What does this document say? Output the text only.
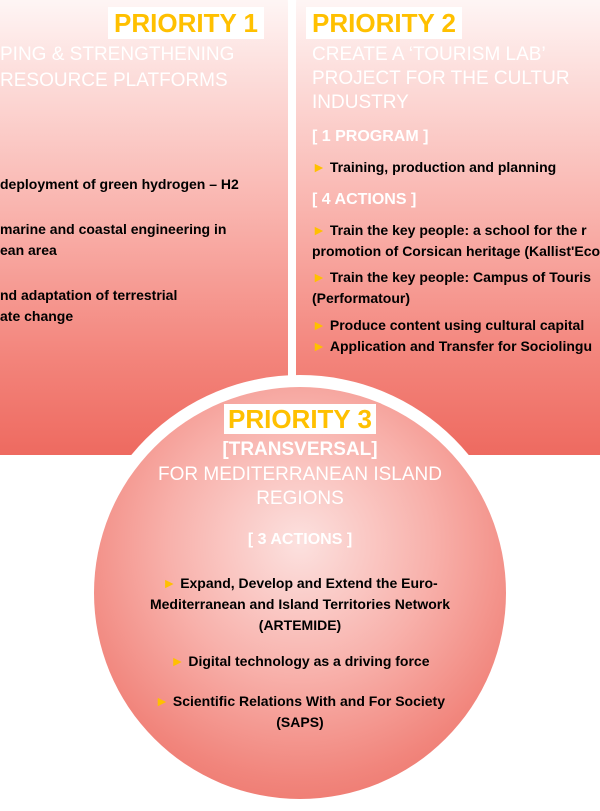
PRIORITY 1
PING & STRENGTHENING
RESOURCE PLATFORMS
deployment of green hydrogen – H2
marine and coastal engineering in
ean area
nd adaptation of terrestrial
ate change
PRIORITY 2
CREATE A ‘TOURISM LAB’
PROJECT FOR THE CULTUR
INDUSTRY
[ 1 PROGRAM ]
► Training, production and planning
[ 4 ACTIONS ]
► Train the key people: a school for the r
promotion of Corsican heritage (Kallist'Eco
► Train the key people: Campus of Touris
(Performatour)
► Produce content using cultural capital
► Application and Transfer for Sociolingu
PRIORITY 3
[TRANSVERSAL]
FOR MEDITERRANEAN ISLAND
REGIONS
[ 3 ACTIONS ]
► Expand, Develop and Extend the Euro-
Mediterranean and Island Territories Network
(ARTEMIDE)
► Digital technology as a driving force
► Scientific Relations With and For Society
(SAPS)
